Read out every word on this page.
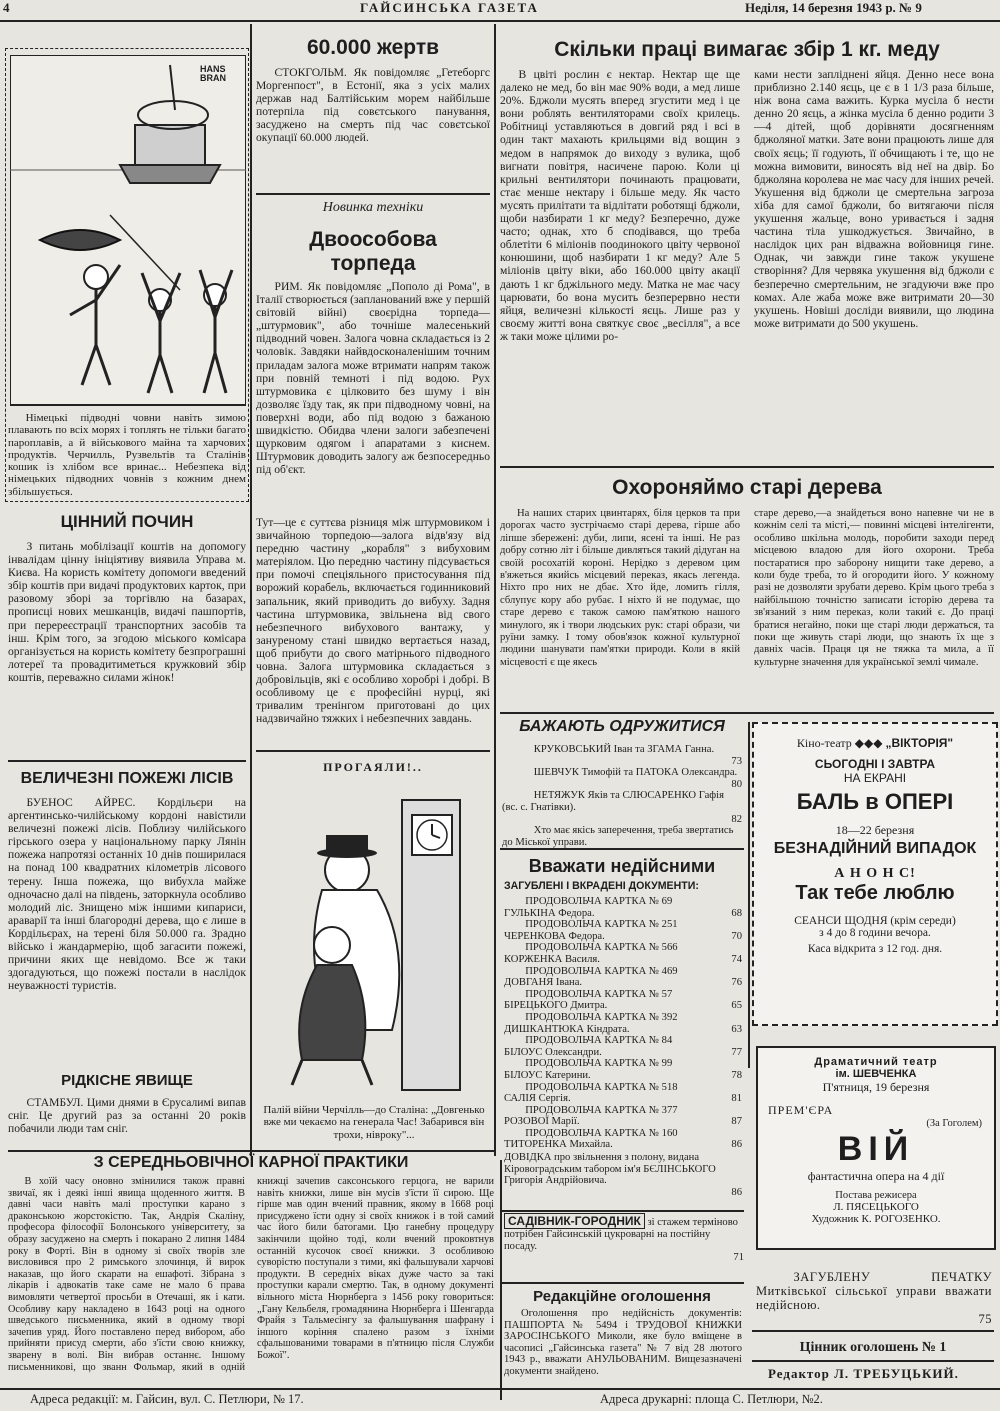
4	ГАЙСИНСЬКА ГАЗЕТА	Неділя, 14 березня 1943 р. № 9
HANS BRAN
Німецькі підводні човни навіть зимою плавають по всіх морях і топлять не тільки багато пароплавів, а й військового майна та харчових продуктів. Черчилль, Рузвельтів та Сталінів кошик із хлібом все вринає... Небезпека від німецьких підводних човнів з кожним днем збільшується.
ЦІННИЙ ПОЧИН

З питань мобілізації коштів на допомогу інвалідам цінну ініціятиву виявила Управа м. Києва. На користь комітету допомоги введений збір коштів при видачі продуктових карток, при разовому зборі за торгівлю на базарах, прописці нових мешканців, видачі пашпортів, при перереєстрації транспортних засобів та інш. Крім того, за згодою міського комісара організується на користь комітету безпрограшні лотереї та провадитиметься кружковий збір коштів, переважно силами жінок!

ВЕЛИЧЕЗНІ ПОЖЕЖІ ЛІСІВ

БУЕНОС АЙРЕС. Кордільєри на аргентинсько-чилійському кордоні навістили величезні пожежі лісів. Поблизу чилійського гірського озера у національному парку Лянін пожежа напротязі останніх 10 днів поширилася на понад 100 квадратних кілометрів лісового терену. Інша пожежа, що вибухла майже одночасно далі на південь, заторкнула особливо молодий ліс. Знищено між іншими кипариси, араварії та інші благородні дерева, що є лише в Кордільєрах, на терені біля 50.000 га. Зрадно військо і жандармерію, щоб загасити пожежі, причини яких ще невідомо. Все ж таки здогадуються, що пожежі постали в наслідок неуважності туристів.

РІДКІСНЕ ЯВИЩЕ

СТАМБУЛ. Цими днями в Єрусалимі випав сніг. Це другий раз за останні 20 років побачили люди там сніг.

60.000 жертв

СТОКГОЛЬМ. Як повідомляє „Гетеборгс Моргенпост", в Естонії, яка з усіх малих держав над Балтійським морем найбільше потерпіла під совєтського панування, засуджено на смерть під час совєтської окупації 60.000 людей.

Новинка техніки
Двоособова
торпеда

РИМ. Як повідомляє „Пополо ді Рома", в Італії створюється (запланований вже у першій світовій війні) своєрідна торпеда—„штурмовик", або точніше малесенький підводний човен. Залога човна складається із 2 чоловік. Завдяки найвдосконаленішим точним приладам залога може втримати напрям також при повній темноті і під водою. Рух штурмовика є цілковито без шуму і він дозволяє їзду так, як при підводному човні, на поверхні води, або під водою з бажаною швидкістю. Обидва члени залоги забезпечені щурковим одягом і апаратами з киснем. Штурмовик доводить залогу аж безпосередньо під об'єкт.

Тут—це є суттєва різниця між штурмовиком і звичайною торпедою—залога відв'язу від передню частину „корабля" з вибуховим матеріялом. Цю передню частину підсувається при помочі спеціяльного пристосування під ворожий корабель, включається годинниковий запальник, який приводить до вибуху. Задня частина штурмовика, звільнена від свого небезпечного вибухового вантажу, у зануреному стані швидко вертається назад, щоб прибути до свого матірнього підводного човна. Залога штурмовика складається з добровільців, які є особливо хоробрі і добрі. В особливому це є професійні нурці, які тривалим тренінгом приготовані до цих надзвичайно тяжких і небезпечних завдань.

ПРОГАЯЛИ!..
Палій війни Черчілль—до Сталіна: „Довгенько вже ми чекаємо на генерала Час! Забарився він трохи, нівроку"...
Скільки праці вимагає збір 1 кг. меду

В цвіті рослин є нектар. Нектар ще ще далеко не мед, бо він має 90% води, а мед лише 20%. Бджоли мусять вперед згустити мед і це вони роблять вентиляторами своїх крилець. Робітниці уставляються в довгий ряд і всі в один такт махають крильцями від вощин з медом в напрямок до виходу з вулика, щоб вигнати повітря, насичене парою. Коли ці крильні вентилятори починають працювати, стає менше нектару і більше меду. Як часто мусять прилітати та відлітати роботящі бджоли, щоби назбирати 1 кг меду? Безперечно, дуже часто; однак, хто б сподівався, що треба облетіти 6 міліонів поодинокого цвіту червоної конюшини, щоб назбирати 1 кг меду? Але 5 міліонів цвіту віки, або 160.000 цвіту акації дають 1 кг бджільного меду. Матка не має часу царювати, бо вона мусить безперервно нести яйця, величезні кількості яєць. Лише раз у своєму житті вона святкує своє „весілля", а все ж таки може цілими ро-

ками нести запліднені яйця. Денно несе вона приблизно 2.140 яєць, це є в 1 1/3 раза більше, ніж вона сама важить. Курка мусіла б нести денно 20 яєць, а жінка мусіла б денно родити 3—4 дітей, щоб дорівняти досягненням бджоляної матки. Зате вони працюють лише для своїх яєць; її годують, її обчищають і те, що не можна вимовити, виносять від неї на двір. Бо бджоляна королева не має часу для інших речей. Укушення від бджоли це смертельна загроза хіба для самої бджоли, бо витягаючи після укушення жальце, воно уривається і задня частина тіла ушкоджується. Звичайно, в наслідок цих ран відважна войовниця гине. Однак, чи завжди гине також укушене створіння? Для червяка укушення від бджоли є безперечно смертельним, не згадуючи вже про комах. Але жаба може вже витримати 20—30 укушень. Новіші досліди виявили, що людина може витримати до 500 укушень.

Охороняймо старі дерева

На наших старих цвинтарях, біля церков та при дорогах часто зустрічаємо старі дерева, гірше або ліпше збережені: дуби, липи, ясені та інші. Не раз добру сотню літ і більше дивляться такий дідуган на своїй росохатій короні. Нерідко з деревом цим в'яжеться якийсь місцевий переказ, якась легенда. Ніхто про них не дбає. Хто йде, ломить гілля, сблупує кору або рубає. І ніхто й не подумає, що старе дерево є також самою пам'яткою нашого минулого, як і твори людських рук: старі образи, чи руїни замку. І тому обов'язок кожної культурної людини шанувати пам'ятки природи. Коли в якій місцевості є ще якесь

старе дерево,—а знайдеться воно напевне чи не в кожнім селі та місті,— повинні місцеві інтелігенти, особливо шкільна молодь, поробити заходи перед місцевою владою для його охорони. Треба постаратися про заборону нищити таке дерево, а коли буде треба, то й огородити його. У кожному разі не дозволяти зрубати дерево. Крім цього треба з найбільшою точністю записати історію дерева та зв'язаний з ним переказ, коли такий є. До праці братися негайно, поки ще старі люди держаться, та поки ще живуть старі люди, що знають їх ще з давніх часів. Праця ця не тяжка та мила, а її культурне значення для української землі чимале.

БАЖАЮТЬ ОДРУЖИТИСЯ
КРУКОВСЬКИЙ Іван та ЗГАМА Ганна.
73
ШЕВЧУК Тимофій та ПАТОКА Олександра.
80
НЕТЯЖУК Яків та СЛЮСАРЕНКО Гафія (вс. с. Гнатівки).
82
Хто має якісь заперечення, треба звертатись до Міської управи.
Вважати недійсними
ЗАГУБЛЕНІ І ВКРАДЕНІ ДОКУМЕНТИ:
ПРОДОВОЛЬЧА КАРТКА № 69
ГУЛЬКІНА Федора.	68
ПРОДОВОЛЬЧА КАРТКА № 251
ЧЕРЕНКОВА Федора.	70
ПРОДОВОЛЬЧА КАРТКА № 566
КОРЖЕНКА Василя.	74
ПРОДОВОЛЬЧА КАРТКА № 469
ДОВГАНЯ Івана.	76
ПРОДОВОЛЬЧА КАРТКА № 57
БІРЕЦЬКОГО Дмитра.	65
ПРОДОВОЛЬЧА КАРТКА № 392
ДИШКАНТЮКА Кіндрата.	63
ПРОДОВОЛЬЧА КАРТКА № 84
БІЛОУС Олександри.	77
ПРОДОВОЛЬЧА КАРТКА № 99
БІЛОУС Катерини.	78
ПРОДОВОЛЬЧА КАРТКА № 518
САЛІЯ Сергія.	81
ПРОДОВОЛЬЧА КАРТКА № 377
РОЗОВОЇ Марії.	87
ПРОДОВОЛЬЧА КАРТКА № 160
ТИТОРЕНКА Михайла.	86
ДОВІДКА про звільнення з полону, видана Кіровоградським табором ім'я БЄЛІНСЬКОГО Григорія Андрійовича.
86
САДІВНИК-ГОРОДНИК зі стажем терміново потрібен Гайсинській цукроварні на постійну посаду.
71
Редакційне оголошення

Оголошення про недійсність документів: ПАШПОРТА № 5494 і ТРУДОВОЇ КНИЖКИ ЗАРОСІНСЬКОГО Миколи, яке було вміщене в часописі „Гайсинська газета" № 7 від 28 лютого 1943 р., вважати АНУЛЬОВАНИМ. Вищезазначені документи знайдено.

Кіно-театр ◆◆◆ „ВІКТОРІЯ"
СЬОГОДНІ І ЗАВТРА
НА ЕКРАНІ
БАЛЬ в ОПЕРІ
18—22 березня
БЕЗНАДІЙНИЙ ВИПАДОК
А Н О Н С!
Так тебе люблю
СЕАНСИ ЩОДНЯ (крім середи)
з 4 до 8 години вечора.
Каса відкрита з 12 год. дня.
Драматичний театр
ім. ШЕВЧЕНКА
П'ятниця, 19 березня
ПРЕМ'ЄРА
(За Гоголем)
ВІЙ
фантастична опера на 4 дії
Постава режисера
Л. ПЯСЕЦЬКОГО
Художник К. РОГОЗЕНКО.
ЗАГУБЛЕНУ ПЕЧАТКУ Митківської сільської управи вважати недійсною.
75
Цінник оголошень № 1
Редактор Л. ТРЕБУЦЬКИЙ.
З СЕРЕДНЬОВІЧНОЇ КАРНОЇ ПРАКТИКИ

В хоїй часу оновно змінилися також правні звичаї, як і деякі інші явища щоденного життя. В давні часи навіть малі проступки карано з драконською жорстокістю. Так, Андрія Скаліну, професора філософії Болонського університету, за образу засуджено на смерть і покарано 2 липня 1484 року в Форті. Він в одному зі своїх творів зле висловився про 2 римського злочинця, й вирок наказав, що його скарати на ешафоті. Зібрана з лікарів і адвокатів таке саме не мало 6 права вимовляти четвертої просьби в Отечаші, як і кати. Особливу кару накладено в 1643 році на одного шведського письменника, який в одному творі зачепив уряд. Його поставлено перед вибором, або прийняти присуд смерти, або з'їсти свою книжку, зварену в волі. Він вибрав останнє. Іншому письменникові, що званн Фольмар, який в одній книжці зачепив саксонського герцога, не варили навіть книжки, лише він мусів з'їсти її сирою. Ще гірше мав один вчений правник, якому в 1668 році присуджено їсти одну зі своїх книжок і в той самий час його били батогами. Цю ганебну процедуру закінчили щойно тоді, коли вчений проковтнув останній кусочок своєї книжки. З особливою суворістю поступали з тими, які фальшували харчові продукти. В середніх віках дуже часто за такі проступки карали смертю. Так, в одному документі вільного міста Нюрнберга з 1456 року говориться: „Гану Кельбеля, громадянина Нюрнберга і Шенгарда Фрайя з Тальмесінгу за фальшування шафрану і іншого коріння спалено разом з їхніми сфальшованими товарами в п'ятницю після Служби Божої".

Адреса редакції: м. Гайсин, вул. С. Петлюри, № 17.	Адреса друкарні: площа С. Петлюри, №2.
